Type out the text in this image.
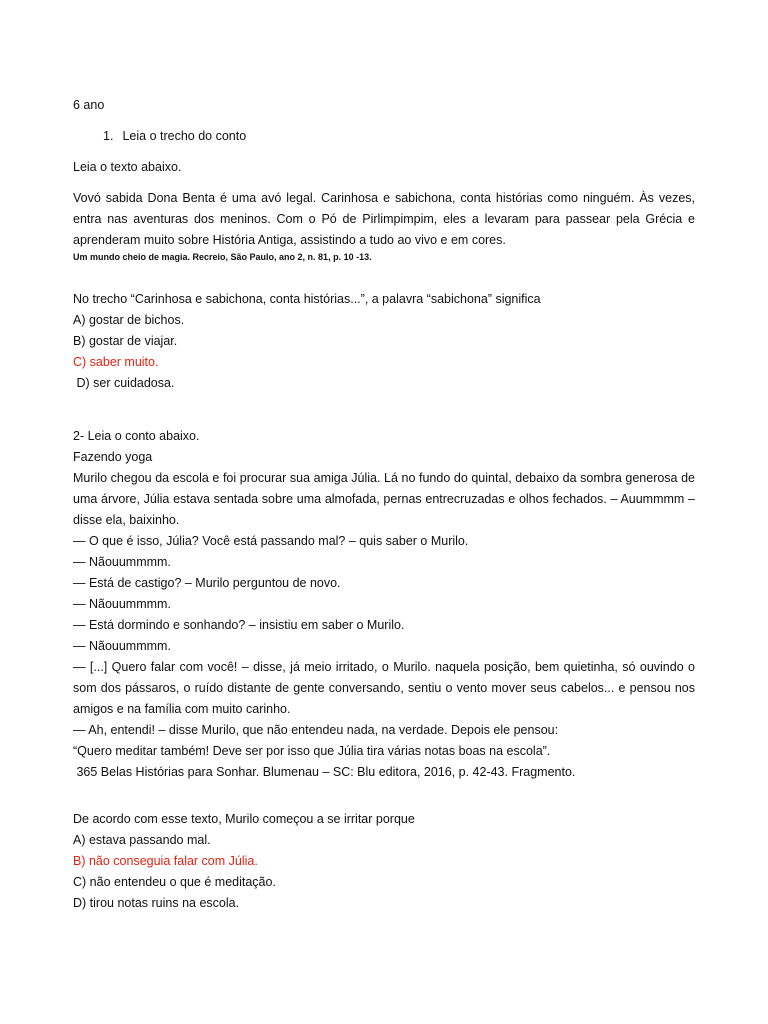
6 ano
1. Leia o trecho do conto
Leia o texto abaixo.
Vovó sabida Dona Benta é uma avó legal. Carinhosa e sabichona, conta histórias como ninguém. Às vezes, entra nas aventuras dos meninos. Com o Pó de Pirlimpimpim, eles a levaram para passear pela Grécia e aprenderam muito sobre História Antiga, assistindo a tudo ao vivo e em cores.
Um mundo cheio de magia. Recreio, São Paulo, ano 2, n. 81, p. 10 -13.
No trecho “Carinhosa e sabichona, conta histórias...”, a palavra “sabichona” significa
A) gostar de bichos.
B) gostar de viajar.
C) saber muito.
D) ser cuidadosa.
2- Leia o conto abaixo.
Fazendo yoga
Murilo chegou da escola e foi procurar sua amiga Júlia. Lá no fundo do quintal, debaixo da sombra generosa de uma árvore, Júlia estava sentada sobre uma almofada, pernas entrecruzadas e olhos fechados. – Auummmm – disse ela, baixinho.
— O que é isso, Júlia? Você está passando mal? – quis saber o Murilo.
— Nãouummmm.
— Está de castigo? – Murilo perguntou de novo.
— Nãouummmm.
— Está dormindo e sonhando? – insistiu em saber o Murilo.
— Nãouummmm.
— [...] Quero falar com você! – disse, já meio irritado, o Murilo. naquela posição, bem quietinha, só ouvindo o som dos pássaros, o ruído distante de gente conversando, sentiu o vento mover seus cabelos... e pensou nos amigos e na família com muito carinho.
— Ah, entendi! – disse Murilo, que não entendeu nada, na verdade. Depois ele pensou:
“Quero meditar também! Deve ser por isso que Júlia tira várias notas boas na escola”.
365 Belas Histórias para Sonhar. Blumenau – SC: Blu editora, 2016, p. 42-43. Fragmento.
De acordo com esse texto, Murilo começou a se irritar porque
A) estava passando mal.
B) não conseguia falar com Júlia.
C) não entendeu o que é meditação.
D) tirou notas ruins na escola.
